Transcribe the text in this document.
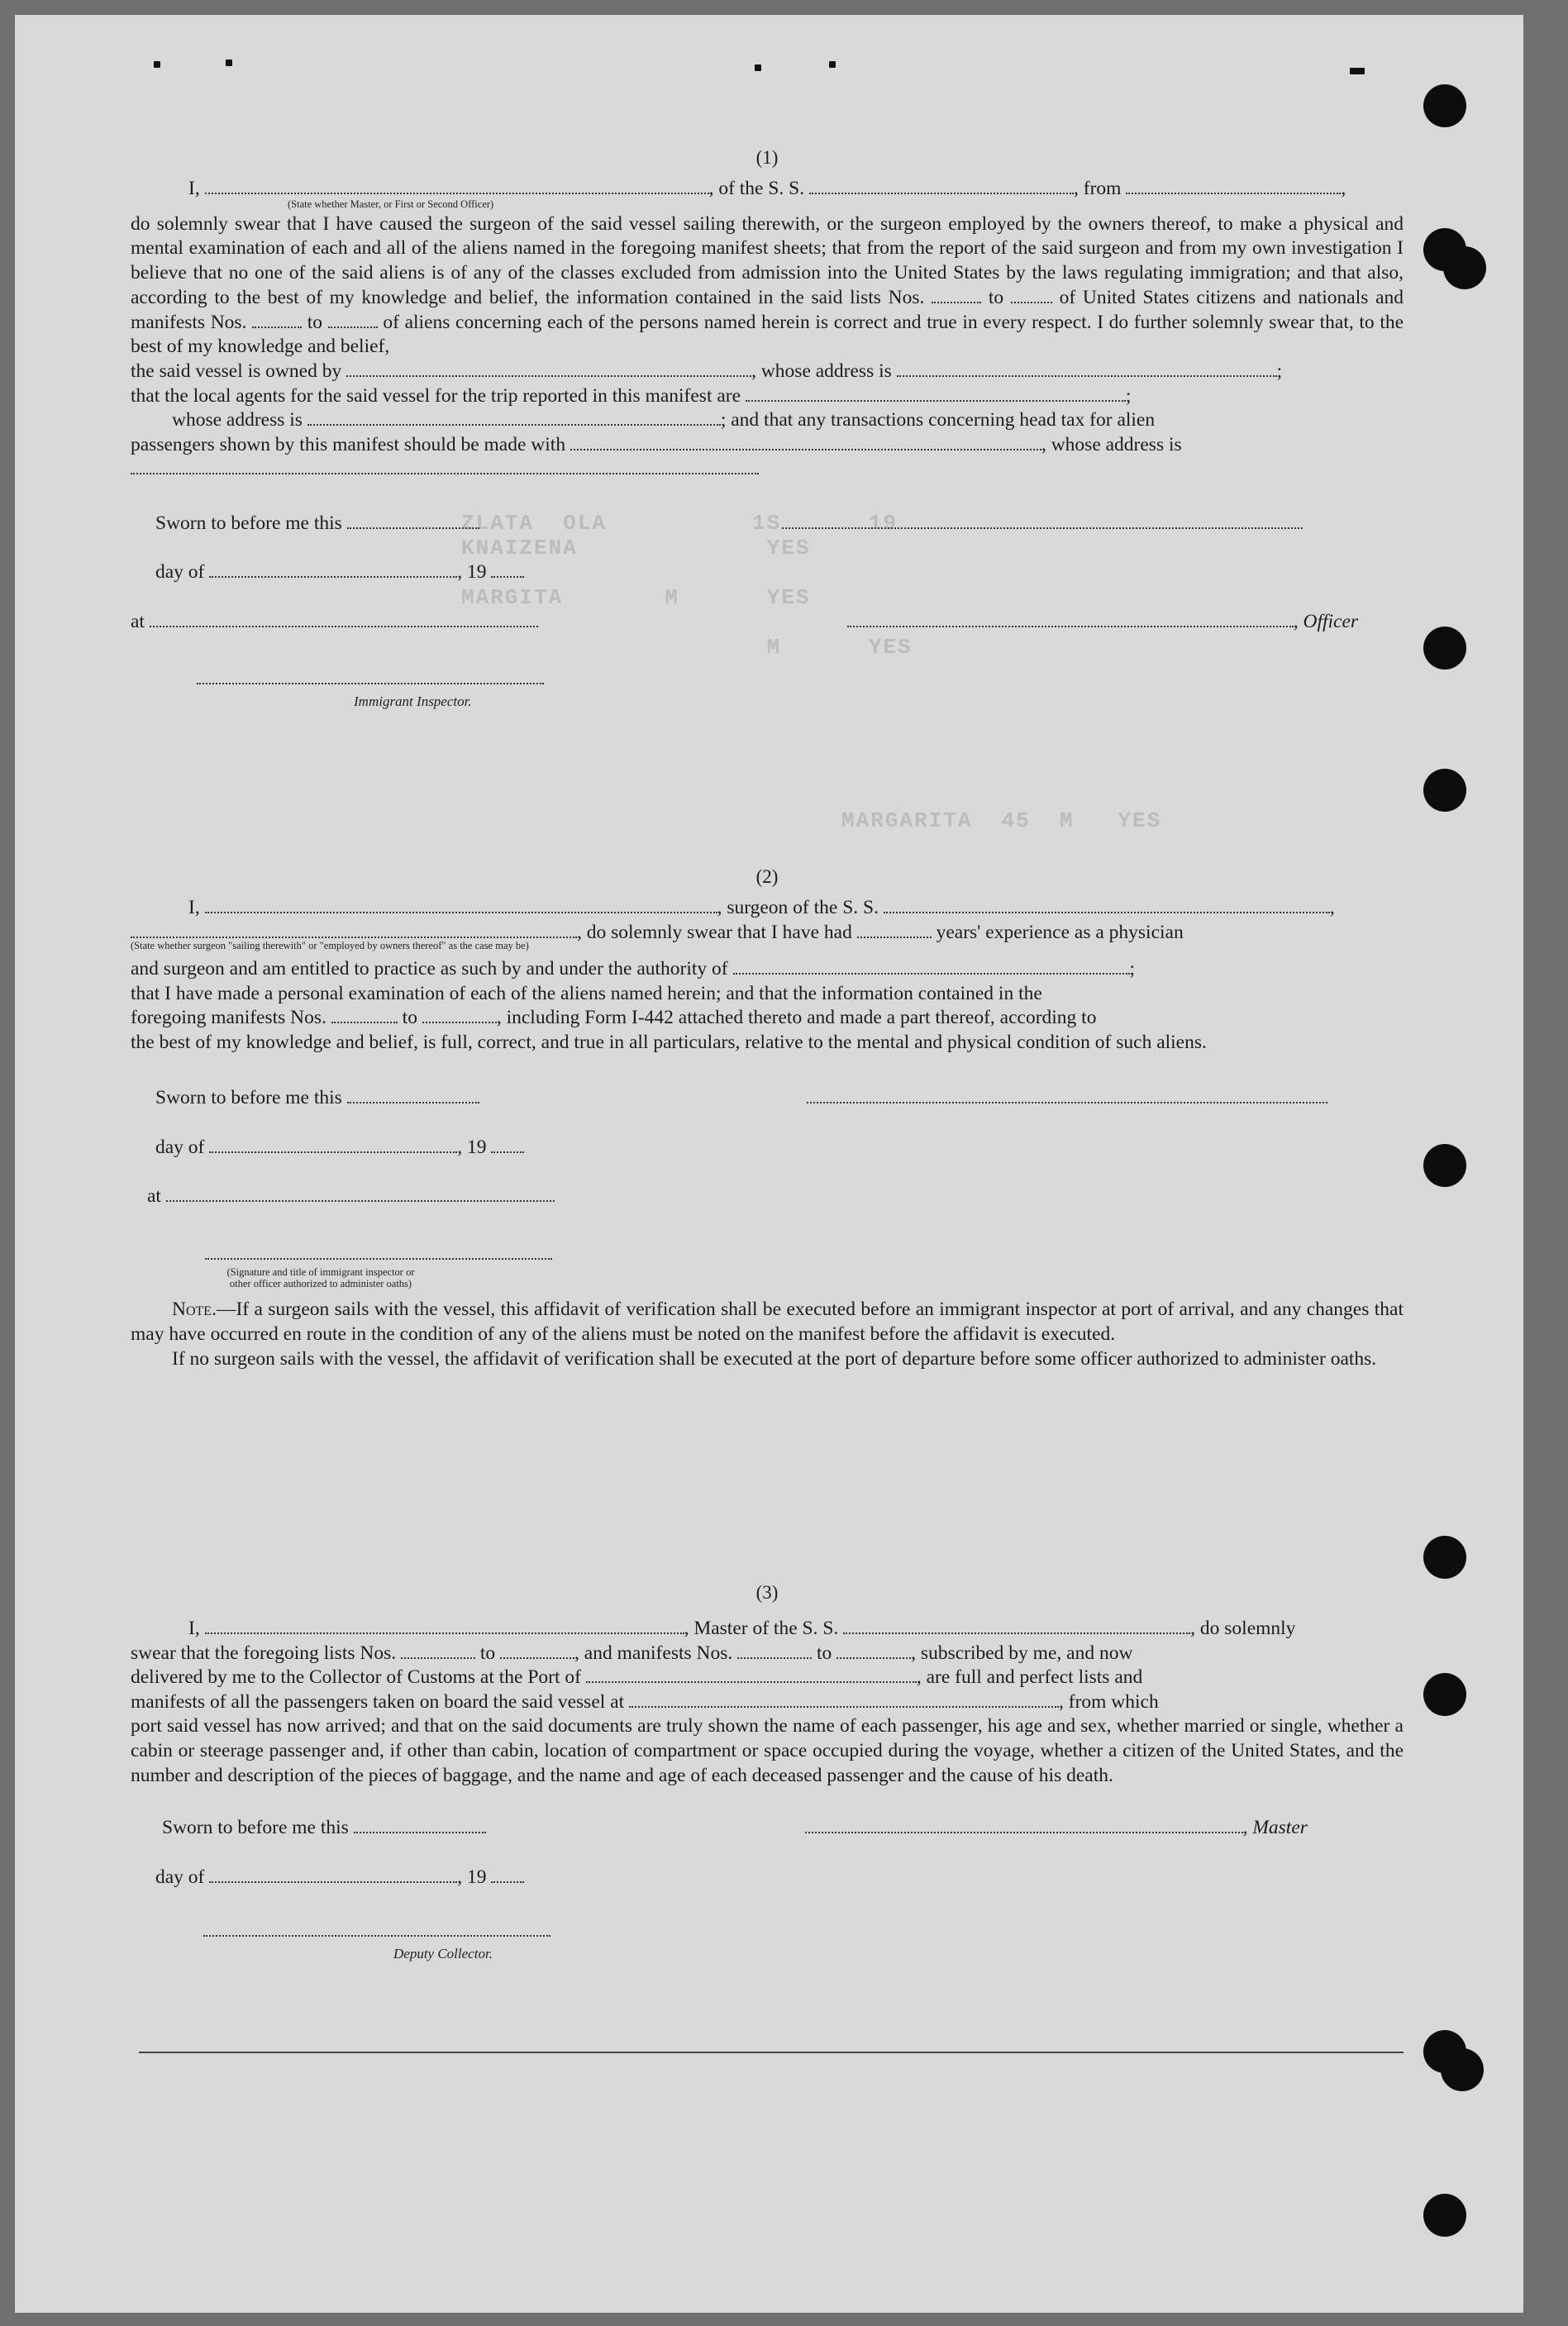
ZLATA  OLA          1S      19
KNAIZENA             YES

MARGITA       M      YES

M      YES
MARGARITA  45  M   YES
(1)
I,	, of the S. S.	, from	,
(State whether Master, or First or Second Officer)
do solemnly swear that I have caused the surgeon of the said vessel sailing therewith, or the surgeon employed by the owners thereof, to make a physical and mental examination of each and all of the aliens named in the foregoing manifest sheets; that from the report of the said surgeon and from my own investigation I believe that no one of the said aliens is of any of the classes excluded from admission into the United States by the laws regulating immigration; and that also, according to the best of my knowledge and belief, the information contained in the said lists Nos.	to	of United States citizens and nationals and manifests Nos.	to	of aliens concerning each of the persons named herein is correct and true in every respect. I do further solemnly swear that, to the best of my knowledge and belief,
the said vessel is owned by	, whose address is	;
that the local agents for the said vessel for the trip reported in this manifest are	;
whose address is	; and that any transactions concerning head tax for alien
passengers shown by this manifest should be made with	, whose address is
Sworn to before me this
day of	, 19
at	, Officer
Immigrant Inspector.
(2)
I,	, surgeon of the S. S.	,
, do solemnly swear that I have had	years' experience as a physician
(State whether surgeon "sailing therewith" or "employed by owners thereof" as the case may be)
and surgeon and am entitled to practice as such by and under the authority of	;
that I have made a personal examination of each of the aliens named herein; and that the information contained in the
foregoing manifests Nos.	to	, including Form I-442 attached thereto and made a part thereof, according to
the best of my knowledge and belief, is full, correct, and true in all particulars, relative to the mental and physical condition of such aliens.
Sworn to before me this
day of	, 19
at
(Signature and title of immigrant inspector or other officer authorized to administer oaths)
Note.—If a surgeon sails with the vessel, this affidavit of verification shall be executed before an immigrant inspector at port of arrival, and any changes that may have occurred en route in the condition of any of the aliens must be noted on the manifest before the affidavit is executed.
If no surgeon sails with the vessel, the affidavit of verification shall be executed at the port of departure before some officer authorized to administer oaths.
(3)
I,	, Master of the S. S.	, do solemnly
swear that the foregoing lists Nos.	to	, and manifests Nos.	to	, subscribed by me, and now
delivered by me to the Collector of Customs at the Port of	, are full and perfect lists and
manifests of all the passengers taken on board the said vessel at	, from which
port said vessel has now arrived; and that on the said documents are truly shown the name of each passenger, his age and sex, whether married or single, whether a cabin or steerage passenger and, if other than cabin, location of compartment or space occupied during the voyage, whether a citizen of the United States, and the number and description of the pieces of baggage, and the name and age of each deceased passenger and the cause of his death.
Sworn to before me this	, Master
day of	, 19
Deputy Collector.
